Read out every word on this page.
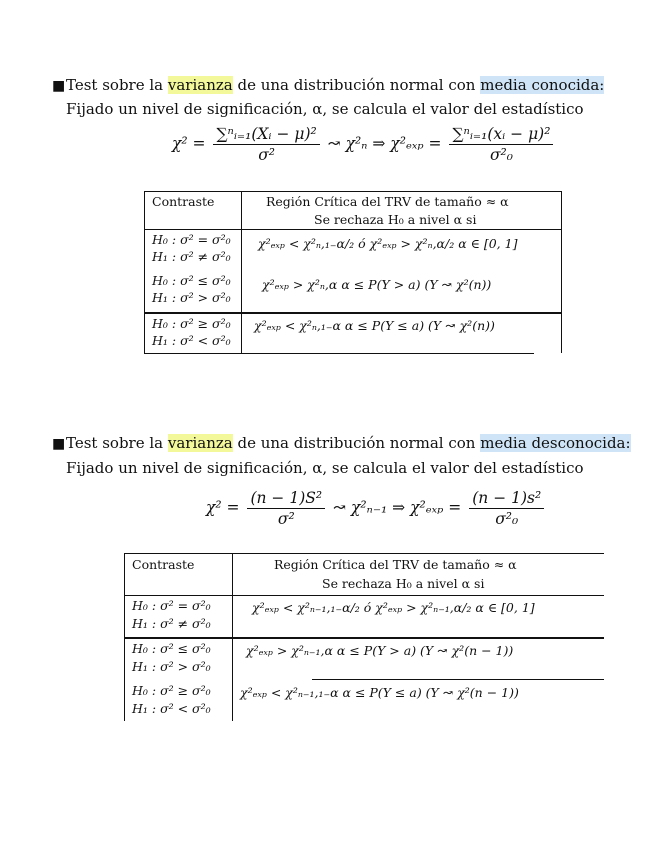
■ Test sobre la varianza de una distribución normal con media conocida:
Fijado un nivel de significación, α, se calcula el valor del estadístico
$\chi^2 = \frac{\text{∑ⁿᵢ₌₁(Xᵢ − μ)²}}{\text{σ²}}$ ↝ χ²ₙ ⇒ $\chi^2_{exp} = \frac{\text{∑ⁿᵢ₌₁(xᵢ − μ)²}}{\text{σ²₀}}$
Contraste	Región Crítica del TRV de tamaño ≈ α
Se rechaza H₀ a nivel α si
H₀ : σ² = σ²₀
H₁ : σ² ≠ σ²₀
χ²ₑₓₚ < χ²ₙ,₁₋α/₂ ó χ²ₑₓₚ > χ²ₙ,α/₂ α ∈ [0, 1]
H₀ : σ² ≤ σ²₀
H₁ : σ² > σ²₀
χ²ₑₓₚ > χ²ₙ,α α ≤ P(Y > a) (Y ↝ χ²(n))
H₀ : σ² ≥ σ²₀
H₁ : σ² < σ²₀
χ²ₑₓₚ < χ²ₙ,₁₋α α ≤ P(Y ≤ a) (Y ↝ χ²(n))
■ Test sobre la varianza de una distribución normal con media desconocida:
Fijado un nivel de significación, α, se calcula el valor del estadístico
$\chi^2 = \frac{\text{(n − 1)S²}}{\text{σ²}}$ ↝ χ²ₙ₋₁ ⇒ $\chi^2_{exp} = \frac{\text{(n − 1)s²}}{\text{σ²₀}}$
Contraste	Región Crítica del TRV de tamaño ≈ α
Se rechaza H₀ a nivel α si
H₀ : σ² = σ²₀
H₁ : σ² ≠ σ²₀
χ²ₑₓₚ < χ²ₙ₋₁,₁₋α/₂ ó χ²ₑₓₚ > χ²ₙ₋₁,α/₂ α ∈ [0, 1]
H₀ : σ² ≤ σ²₀
H₁ : σ² > σ²₀
χ²ₑₓₚ > χ²ₙ₋₁,α α ≤ P(Y > a) (Y ↝ χ²(n − 1))
H₀ : σ² ≥ σ²₀
H₁ : σ² < σ²₀
χ²ₑₓₚ < χ²ₙ₋₁,₁₋α α ≤ P(Y ≤ a) (Y ↝ χ²(n − 1))
